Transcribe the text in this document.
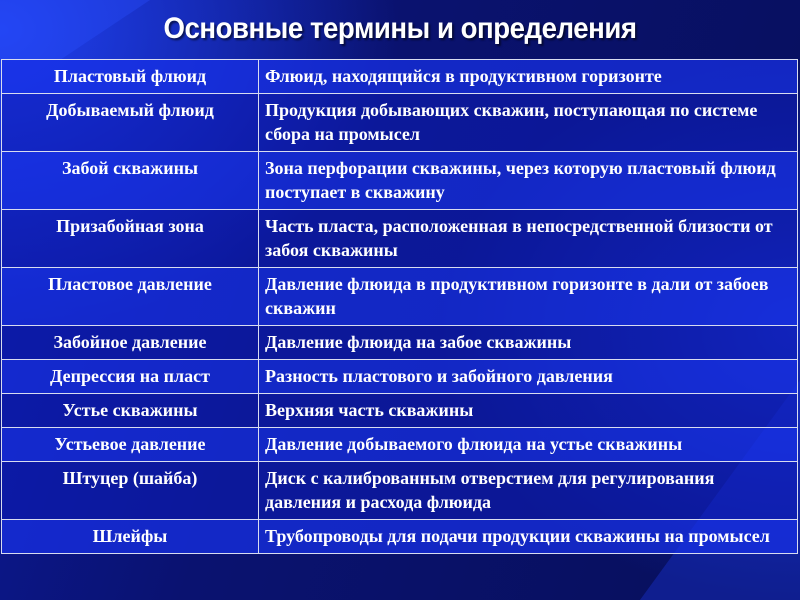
Основные термины и определения
Пластовый флюид	Флюид, находящийся в продуктивном горизонте
Добываемый флюид	Продукция добывающих скважин, поступающая по системе сбора на промысел
Забой скважины	Зона перфорации скважины, через которую пластовый флюид поступает в скважину
Призабойная зона	Часть пласта, расположенная в непосредственной близости от забоя скважины
Пластовое давление	Давление флюида в продуктивном горизонте в дали от забоев скважин
Забойное давление	Давление флюида на забое скважины
Депрессия на пласт	Разность пластового и забойного давления
Устье скважины	Верхняя часть скважины
Устьевое давление	Давление добываемого флюида на устье скважины
Штуцер (шайба)	Диск с калиброванным отверстием для регулирования давления и расхода флюида
Шлейфы	Трубопроводы для подачи продукции скважины на промысел
